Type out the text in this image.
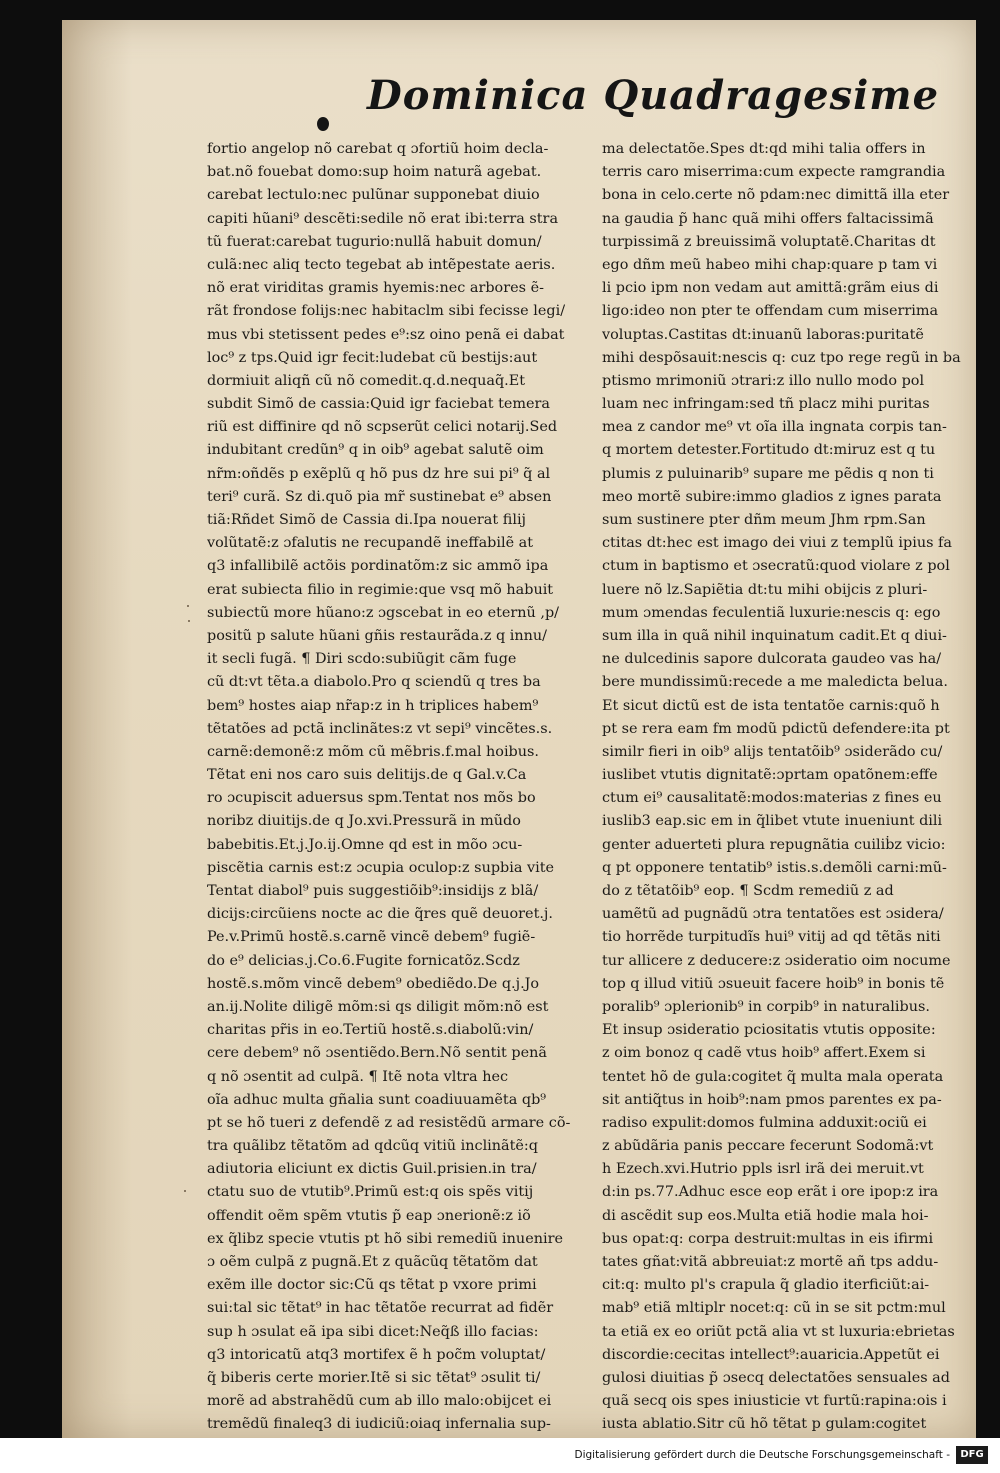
Dominica Quadragesime
fortio angelop nõ carebat q ɔfortiũ hoim decla-
bat.nõ fouebat domo:sup hoim naturã agebat.
carebat lectulo:nec pulũnar supponebat diuio
capiti hũani⁹ descẽti:sedile nõ erat ibi:terra stra
tũ fuerat:carebat tugurio:nullã habuit domun/
culã:nec aliq tecto tegebat ab intẽpestate aeris.
nõ erat viriditas gramis hyemis:nec arbores ẽ-
rãt frondose folijs:nec habitaclm sibi fecisse legi/
mus vbi stetissent pedes e⁹:sz oino penã ei dabat
loc⁹ z tps.Quid igr fecit:ludebat cũ bestijs:aut
dormiuit aliqñ cũ nõ comedit.q.d.nequaq̃.Et
subdit Simõ de cassia:Quid igr faciebat temera
riũ est diffinire qd nõ scpserũt celici notarij.Sed
indubitant credũn⁹ q in oib⁹ agebat salutẽ oim
nr̃m:oñdẽs p exẽplũ q hõ pus dz hre sui pi⁹ q̃ al
teri⁹ curã. Sz di.quõ pia mr̃ sustinebat e⁹ absen
tiã:Rñdet Simõ de Cassia di.Ipa nouerat filij
volũtatẽ:z ɔfalutis ne recupandẽ ineffabilẽ at
q3 infallibilẽ actõis pordinatõm:z sic ammõ ipa
erat subiecta filio in regimie:que vsq mõ habuit
subiectũ more hũano:z ɔgscebat in eo eternũ ,p/
positũ p salute hũani gñis restaurãda.z q innu/
it secli fugã. ¶ Diri scdo:subiũgit cãm fuge
cũ dt:vt tẽta.a diabolo.Pro q sciendũ q tres ba
bem⁹ hostes aiap nr̃ap:z in h triplices habem⁹
tẽtatões ad pctã inclinãtes:z vt sepi⁹ vincẽtes.s.
carnẽ:demonẽ:z mõm cũ mẽbris.f.mal hoibus.
Tẽtat eni nos caro suis delitijs.de q Gal.v.Ca
ro ɔcupiscit aduersus spm.Tentat nos mõs bo
noribz diuitijs.de q Jo.xvi.Pressurã in mũdo
babebitis.Et.j.Jo.ij.Omne qd est in mõo ɔcu-
piscẽtia carnis est:z ɔcupia oculop:z supbia vite
Tentat diabol⁹ puis suggestiõib⁹:insidijs z blã/
dicijs:circũiens nocte ac die q̃res quẽ deuoret.j.
Pe.v.Primũ hostẽ.s.carnẽ vincẽ debem⁹ fugiẽ-
do e⁹ delicias.j.Co.6.Fugite fornicatõz.Scdz
hostẽ.s.mõm vincẽ debem⁹ obediẽdo.De q.j.Jo
an.ij.Nolite diligẽ mõm:si qs diligit mõm:nõ est
charitas pr̃is in eo.Tertiũ hostẽ.s.diabolũ:vin/
cere debem⁹ nõ ɔsentiẽdo.Bern.Nõ sentit penã
q nõ ɔsentit ad culpã. ¶ Itẽ nota vltra hec
oĩa adhuc multa gñalia sunt coadiuuamẽta qb⁹
pt se hõ tueri z defendẽ z ad resistẽdũ armare cõ-
tra quãlibz tẽtatõm ad qdcũq vitiũ inclinãtẽ:q
adiutoria eliciunt ex dictis Guil.prisien.in tra/
ctatu suo de vtutib⁹.Primũ est:q ois spẽs vitij
offendit oẽm spẽm vtutis p̃ eap ɔnerionẽ:z iõ
ex q̃libz specie vtutis pt hõ sibi remediũ inuenire
ɔ oẽm culpã z pugnã.Et z quãcũq tẽtatõm dat
exẽm ille doctor sic:Cũ qs tẽtat p vxore primi
sui:tal sic tẽtat⁹ in hac tẽtatõe recurrat ad fidẽr
sup h ɔsulat eã ipa sibi dicet:Neq̃ß illo facias:
q3 intoricatũ atq3 mortifex ẽ h poc̃m voluptat/
q̃ biberis certe morier.Itẽ si sic tẽtat⁹ ɔsulit ti/
morẽ ad abstrahẽdũ cum ab illo malo:obijcet ei
tremẽdũ finaleq3 di iudiciũ:oiaq infernalia sup-
ma delectatõe.Spes dt:qd mihi talia offers in
terris caro miserrima:cum expecte ramgrandia
bona in celo.certe nõ pdam:nec dimittã illa eter
na gaudia p̃ hanc quã mihi offers faltacissimã
turpissimã z breuissimã voluptatẽ.Charitas dt
ego dñm meũ habeo mihi chap:quare p tam vi
li pcio ipm non vedam aut amittã:grãm eius di
ligo:ideo non pter te offendam cum miserrima
voluptas.Castitas dt:inuanũ laboras:puritatẽ
mihi despõsauit:nescis q: cuz tpo rege regũ in ba
ptismo mrimoniũ ɔtrari:z illo nullo modo pol
luam nec infringam:sed tñ placz mihi puritas
mea z candor me⁹ vt oĩa illa ingnata corpis tan-
q mortem detester.Fortitudo dt:miruz est q tu
plumis z puluinarib⁹ supare me pẽdis q non ti
meo mortẽ subire:immo gladios z ignes parata
sum sustinere pter dñm meum Jhm rpm.San
ctitas dt:hec est imago dei viui z templũ ipius fa
ctum in baptismo et ɔsecratũ:quod violare z pol
luere nõ lz.Sapiẽtia dt:tu mihi obijcis z pluri-
mum ɔmendas feculentiã luxurie:nescis q: ego
sum illa in quã nihil inquinatum cadit.Et q diui-
ne dulcedinis sapore dulcorata gaudeo vas ha/
bere mundissimũ:recede a me maledicta belua.
Et sicut dictũ est de ista tentatõe carnis:quõ h
pt se rera eam fm modũ pdictũ defendere:ita pt
similr fieri in oib⁹ alijs tentatõib⁹ ɔsiderãdo cu/
iuslibet vtutis dignitatẽ:ɔprtam opatõnem:effe
ctum ei⁹ causalitatẽ:modos:materias z fines eu
iuslib3 eap.sic em in q̃libet vtute inueniunt dili
genter aduerteti plura repugnãtia cuiliḃz vicio:
q pt opponere tentatib⁹ istis.s.demõli carni:mũ-
do z tẽtatõib⁹ eop. ¶ Scdm remediũ z ad
uamẽtũ ad pugnãdũ ɔtra tentatões est ɔsidera/
tio horrẽde turpitudĩs hui⁹ vitij ad qd tẽtãs niti
tur allicere z deducere:z ɔsideratio oim nocume
top q illud vitiũ ɔsueuit facere hoib⁹ in bonis tẽ
poralib⁹ ɔplerionib⁹ in corpib⁹ in naturalibus.
Et insup ɔsideratio pciositatis vtutis opposite:
z oim bonoz q cadẽ vtus hoib⁹ affert.Exem si
tentet hõ de gula:cogitet q̃ multa mala operata
sit antiq̃tus in hoib⁹:nam pmos parentes ex pa-
radiso expulit:domos fulmina adduxit:ociũ ei
z abũdãria panis peccare fecerunt Sodomã:vt
h Ezech.xvi.Hutrio ppls isrl irã dei meruit.vt
d:in ps.77.Adhuc esce eop erãt i ore ipop:z ira
di ascẽdit sup eos.Multa etiã hodie mala hoi-
bus opat:q: corpa destruit:multas in eis ifirmi
tates gñat:vitã abbreuiat:z mortẽ añ tps addu-
cit:q: multo pl's crapula q̃ gladio iterficiũt:ai-
mab⁹ etiã mltiplr nocet:q: cũ in se sit pctm:mul
ta etiã ex eo oriũt pctã alia vt st luxuria:ebrietas
discordie:cecitas intellect⁹:auaricia.Appetũt ei
gulosi diuitias p̃ ɔsecq delectatões sensuales ad
quã secq ois spes iniusticie vt furtũ:rapina:ois i
iusta ablatio.Sitr cũ hõ tẽtat p gulam:cogitet
Digitalisierung gefördert durch die Deutsche Forschungsgemeinschaft -	DFG
